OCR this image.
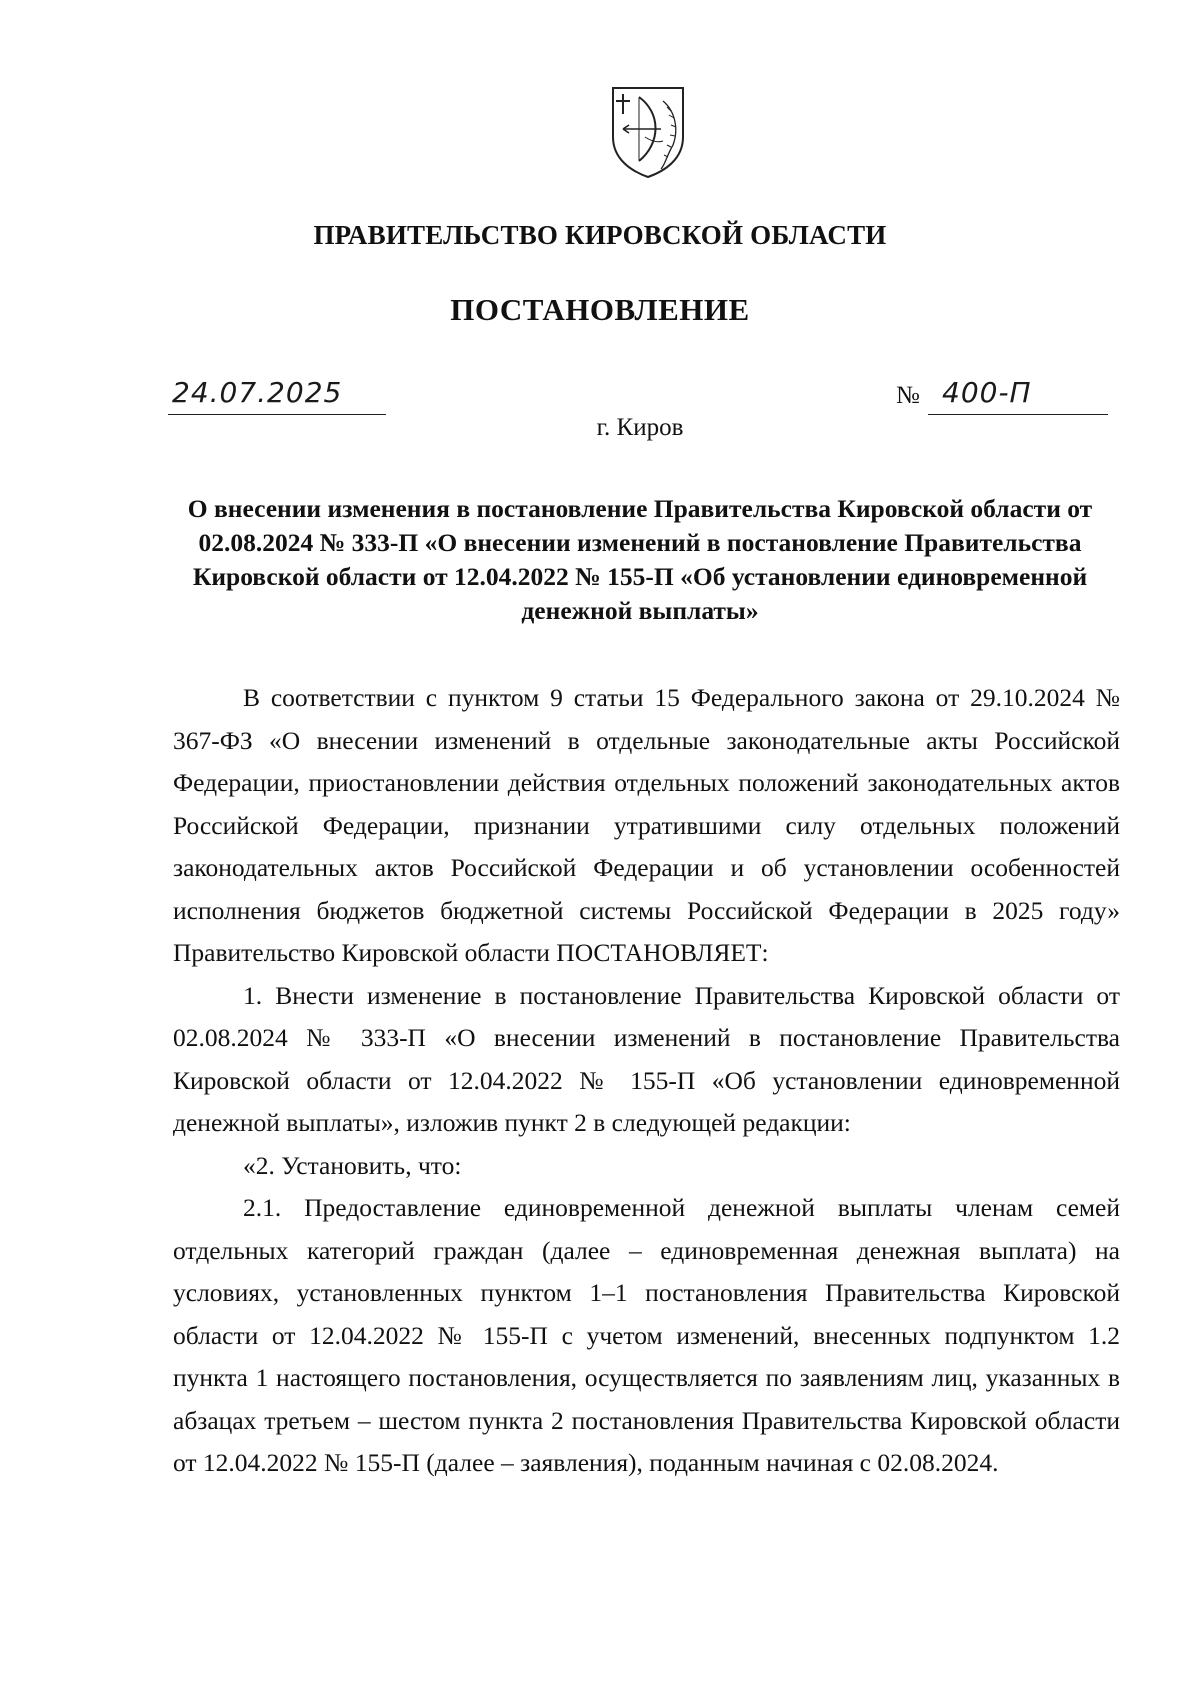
ПРАВИТЕЛЬСТВО КИРОВСКОЙ ОБЛАСТИ
ПОСТАНОВЛЕНИЕ
24.07.2025	№ 400-П
г. Киров
О внесении изменения в постановление Правительства Кировской области от 02.08.2024 № 333-П «О внесении изменений в постановление Правительства Кировской области от 12.04.2022 № 155-П «Об установлении единовременной денежной выплаты»

В соответствии с пунктом 9 статьи 15 Федерального закона от 29.10.2024 № 367-ФЗ «О внесении изменений в отдельные законодательные акты Российской Федерации, приостановлении действия отдельных положений законодательных актов Российской Федерации, признании утратившими силу отдельных положений законодательных актов Российской Федерации и об установлении особенностей исполнения бюджетов бюджетной системы Российской Федерации в 2025 году» Правительство Кировской области ПОСТАНОВЛЯЕТ:

1. Внести изменение в постановление Правительства Кировской области от 02.08.2024 № 333-П «О внесении изменений в постановление Правительства Кировской области от 12.04.2022 № 155-П «Об установлении единовременной денежной выплаты», изложив пункт 2 в следующей редакции:

«2. Установить, что:

2.1. Предоставление единовременной денежной выплаты членам семей отдельных категорий граждан (далее – единовременная денежная выплата) на условиях, установленных пунктом 1–1 постановления Правительства Кировской области от 12.04.2022 № 155-П с учетом изменений, внесенных подпунктом 1.2 пункта 1 настоящего постановления, осуществляется по заявлениям лиц, указанных в абзацах третьем – шестом пункта 2 постановления Правительства Кировской области от 12.04.2022 № 155-П (далее – заявления), поданным начиная с 02.08.2024.
